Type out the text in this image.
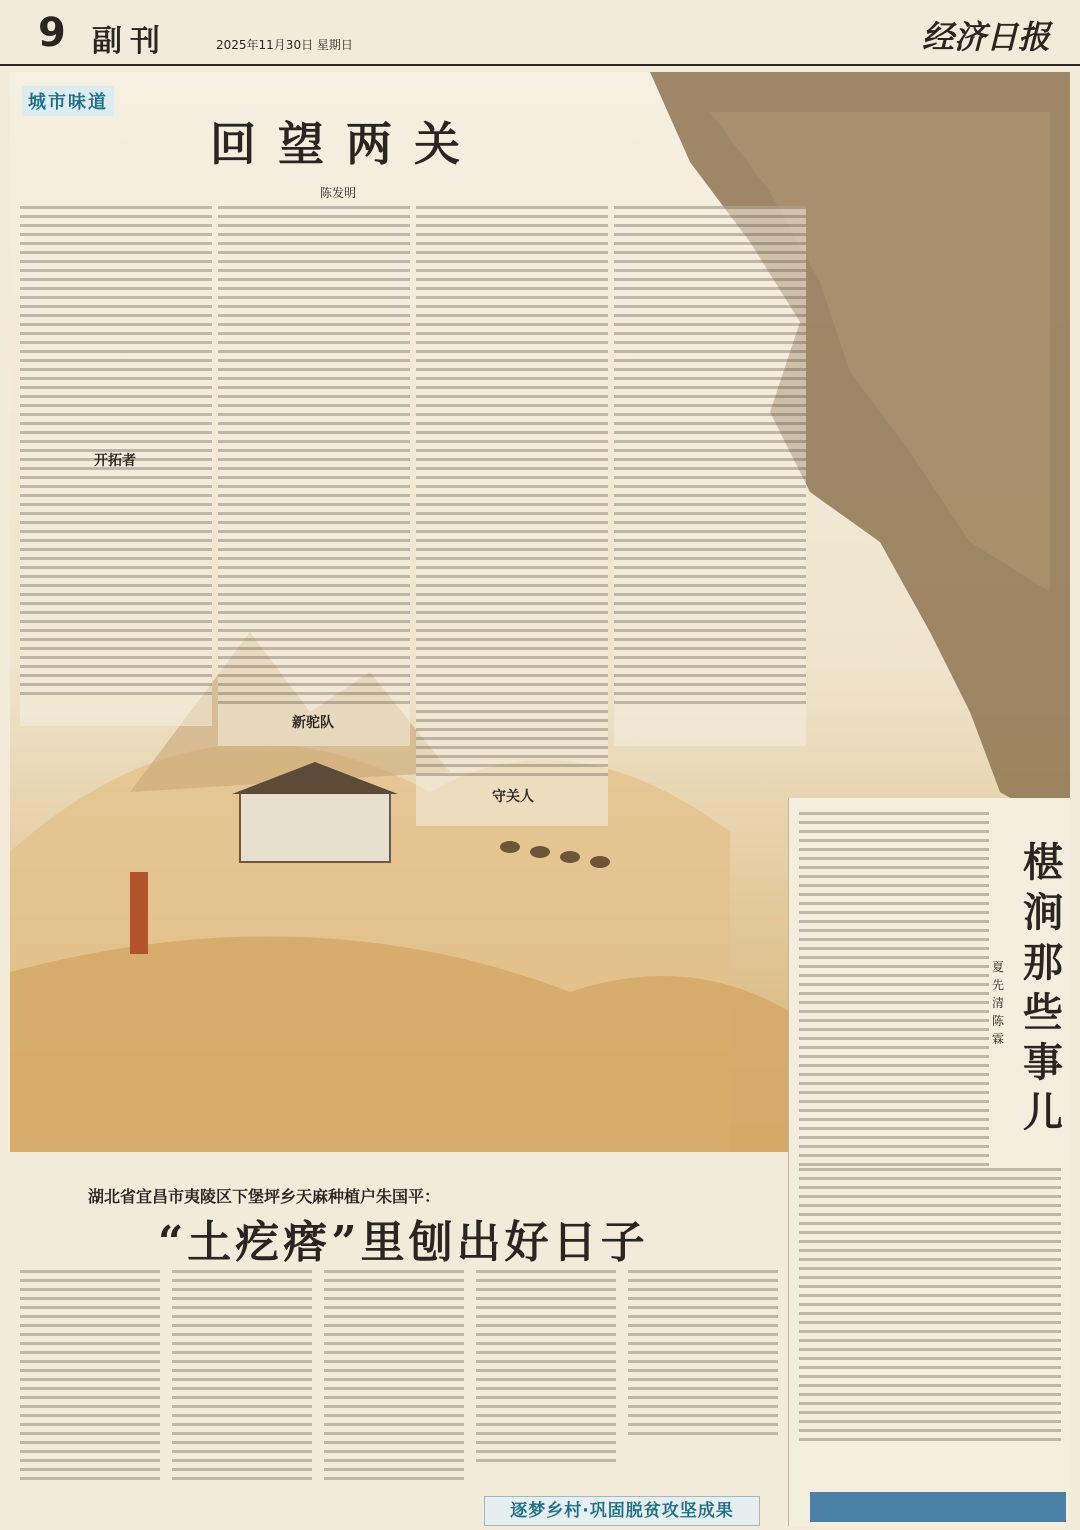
9 副刊	2025年11月30日 星期日	经济日报
城市味道
回望两关
陈发明
开拓者
新驼队
守关人
椹涧那些事儿
夏先清 陈霖
湖北省宜昌市夷陵区下堡坪乡天麻种植户朱国平：
“土疙瘩”里刨出好日子
逐梦乡村·巩固脱贫攻坚成果
